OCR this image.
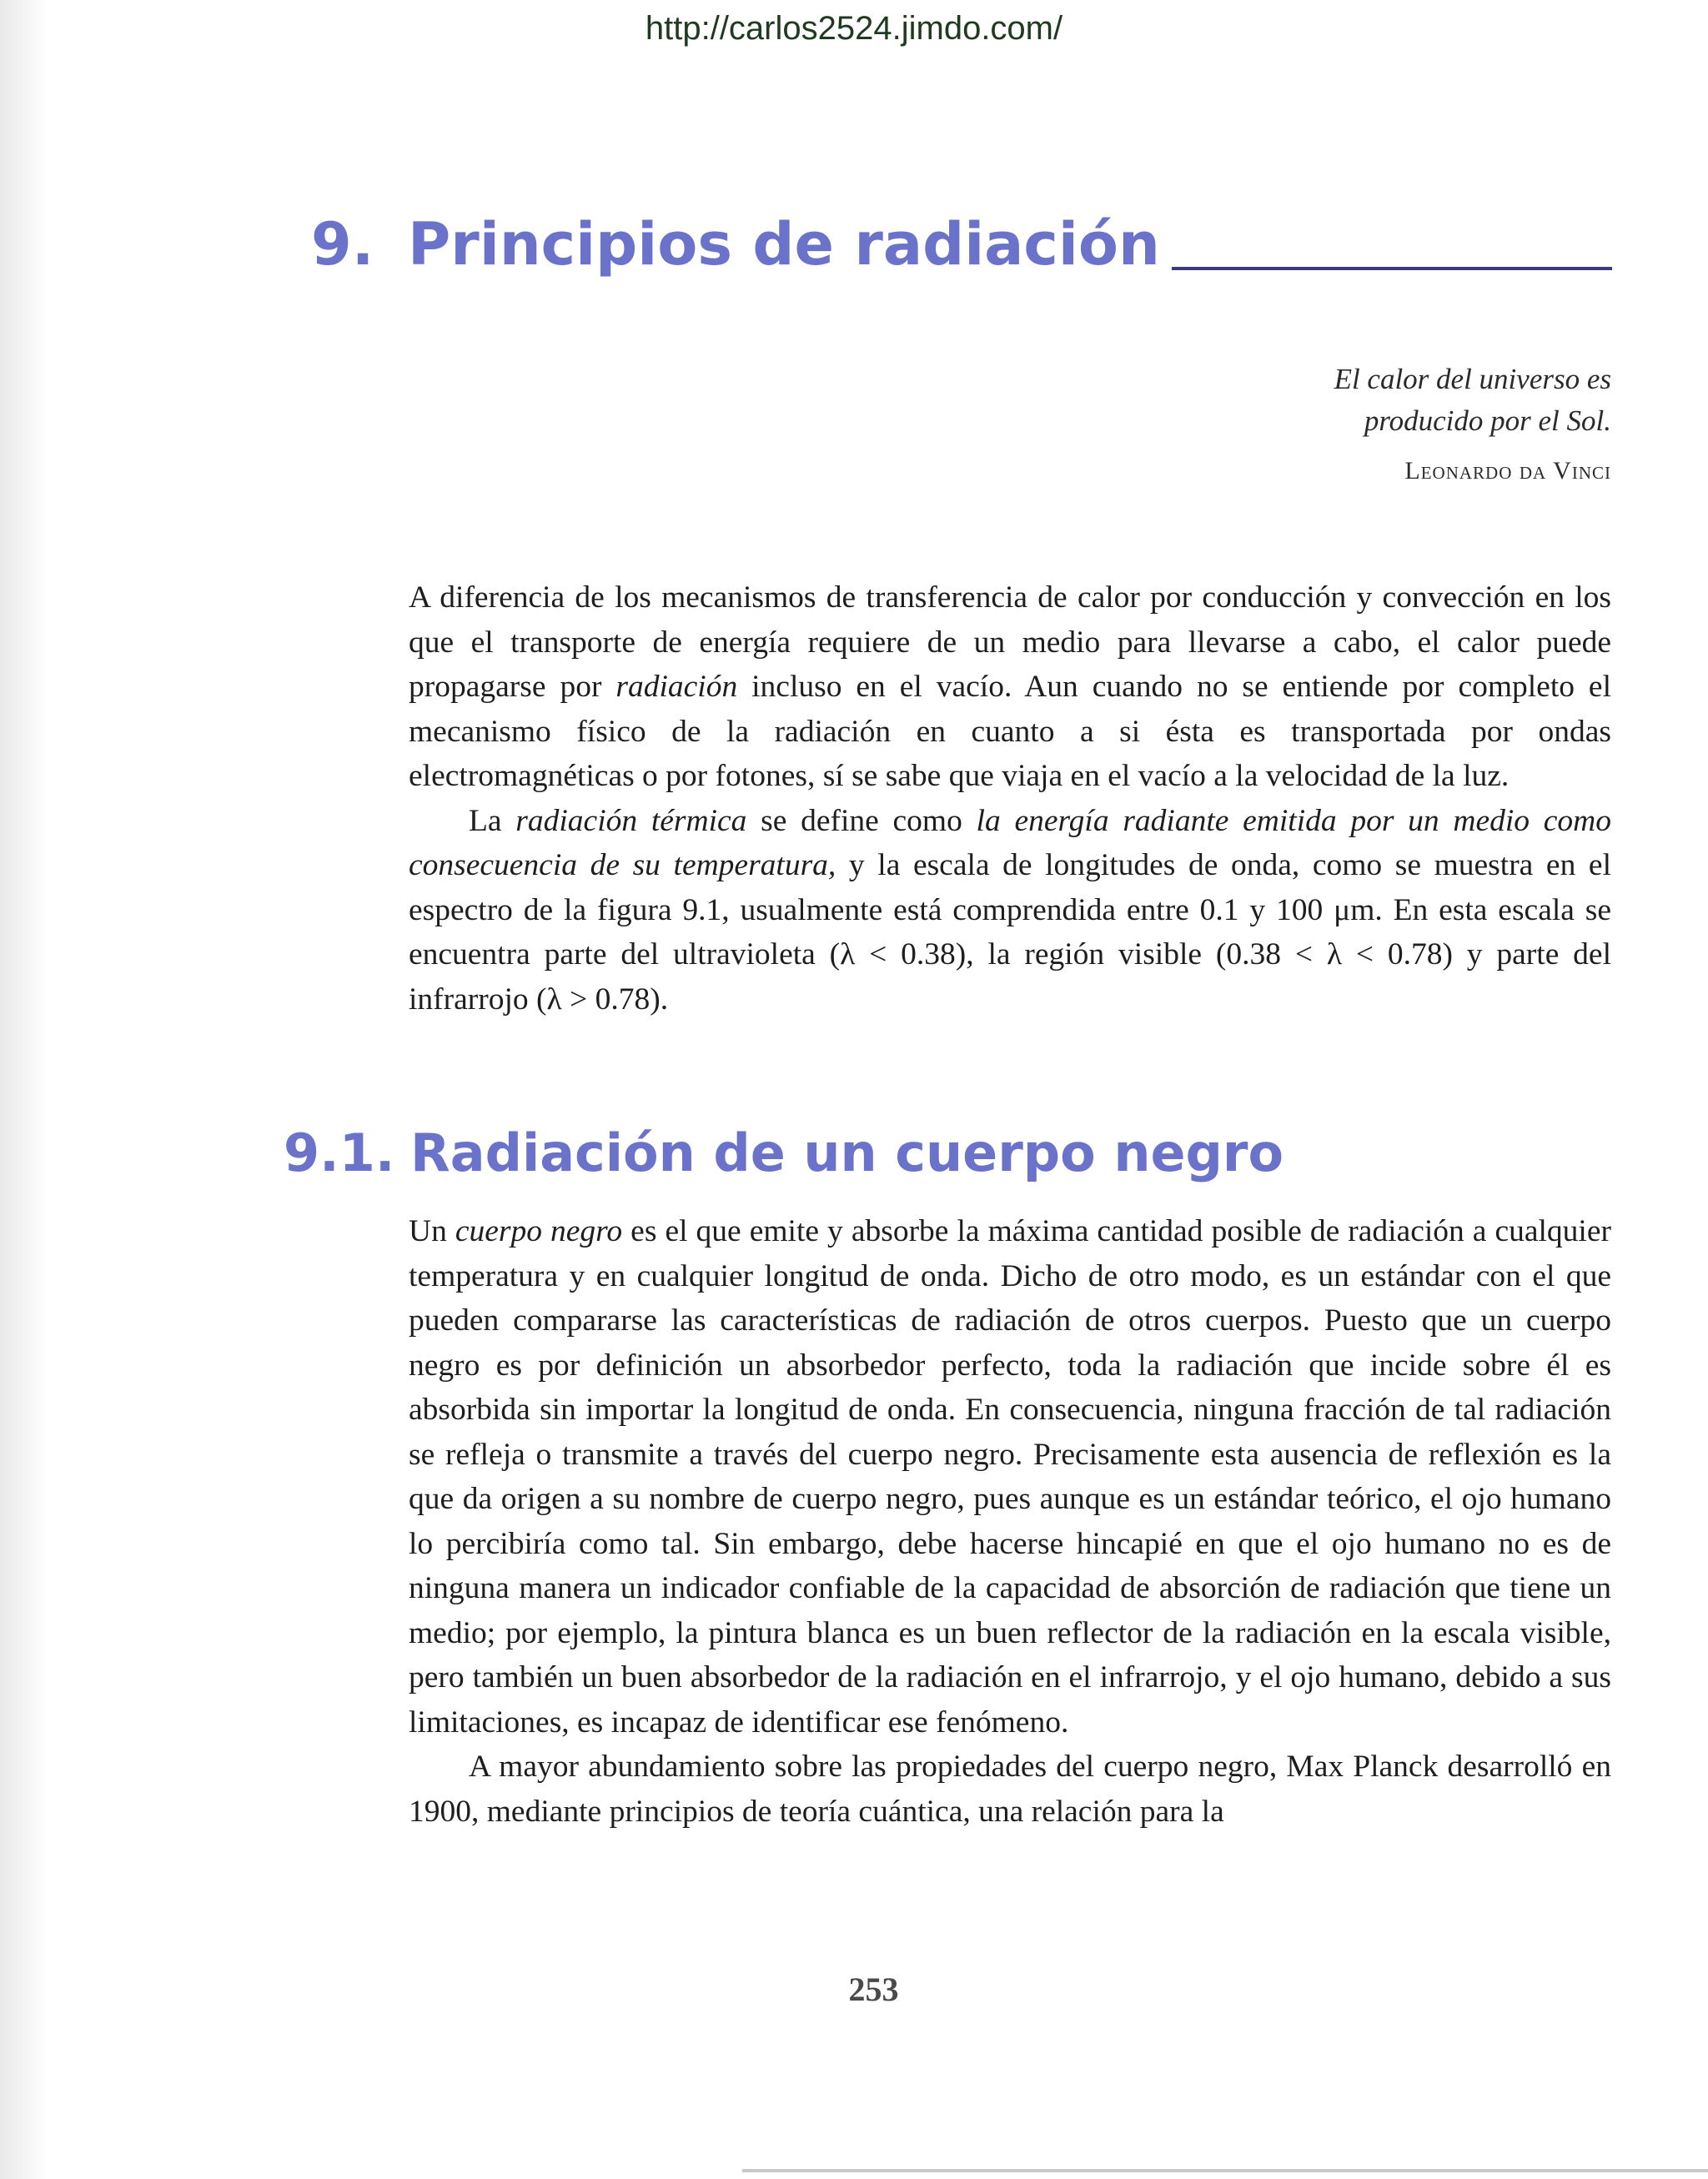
http://carlos2524.jimdo.com/
9. Principios de radiación
El calor del universo es
producido por el Sol.
Leonardo da Vinci

A diferencia de los mecanismos de transferencia de calor por conducción y convección en los que el transporte de energía requiere de un medio para llevarse a cabo, el calor puede propagarse por radiación incluso en el vacío. Aun cuando no se entiende por completo el mecanismo físico de la radiación en cuanto a si ésta es transportada por ondas electromagnéticas o por fotones, sí se sabe que viaja en el vacío a la velocidad de la luz.

La radiación térmica se define como la energía radiante emitida por un medio como consecuencia de su temperatura, y la escala de longitudes de onda, como se muestra en el espectro de la figura 9.1, usualmente está comprendida entre 0.1 y 100 μm. En esta escala se encuentra parte del ultravioleta (λ < 0.38), la región visible (0.38 < λ < 0.78) y parte del infrarrojo (λ > 0.78).

9.1. Radiación de un cuerpo negro

Un cuerpo negro es el que emite y absorbe la máxima cantidad posible de radiación a cualquier temperatura y en cualquier longitud de onda. Dicho de otro modo, es un estándar con el que pueden compararse las características de radiación de otros cuerpos. Puesto que un cuerpo negro es por definición un absorbedor perfecto, toda la radiación que incide sobre él es absorbida sin importar la longitud de onda. En consecuencia, ninguna fracción de tal radiación se refleja o transmite a través del cuerpo negro. Precisamente esta ausencia de reflexión es la que da origen a su nombre de cuerpo negro, pues aunque es un estándar teórico, el ojo humano lo percibiría como tal. Sin embargo, debe hacerse hincapié en que el ojo humano no es de ninguna manera un indicador confiable de la capacidad de absorción de radiación que tiene un medio; por ejemplo, la pintura blanca es un buen reflector de la radiación en la escala visible, pero también un buen absorbedor de la radiación en el infrarrojo, y el ojo humano, debido a sus limitaciones, es incapaz de identificar ese fenómeno.

A mayor abundamiento sobre las propiedades del cuerpo negro, Max Planck desarrolló en 1900, mediante principios de teoría cuántica, una relación para la

253
